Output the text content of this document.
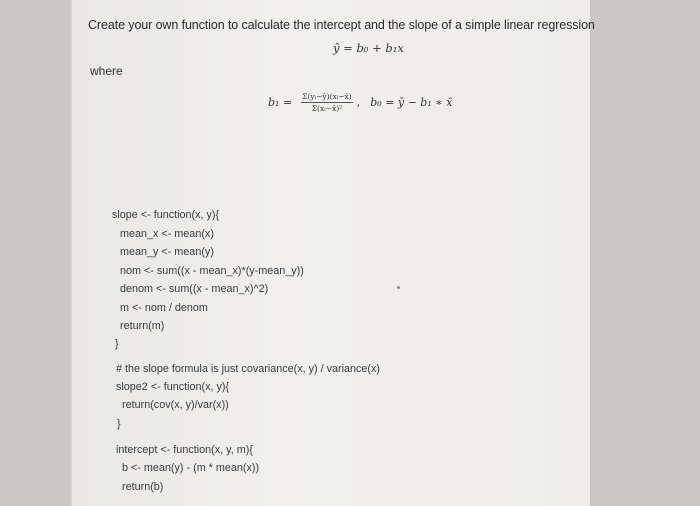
Create your own function to calculate the intercept and the slope of a simple linear regression
ŷ = b₀ + b₁x
where
$b_1 = \frac{\text{Σ(yᵢ−ȳ)(xᵢ−x̄)}}{\text{Σ(xᵢ−x̄)²}}$ , b₀ = ȳ − b₁ ∗ x̄
slope <- function(x, y){
mean_x <- mean(x)
mean_y <- mean(y)
nom <- sum((x - mean_x)*(y-mean_y))
denom <- sum((x - mean_x)^2)
m <- nom / denom
return(m)
}
# the slope formula is just covariance(x, y) / variance(x)
slope2 <- function(x, y){
return(cov(x, y)/var(x))
}
intercept <- function(x, y, m){
b <- mean(y) - (m * mean(x))
return(b)
